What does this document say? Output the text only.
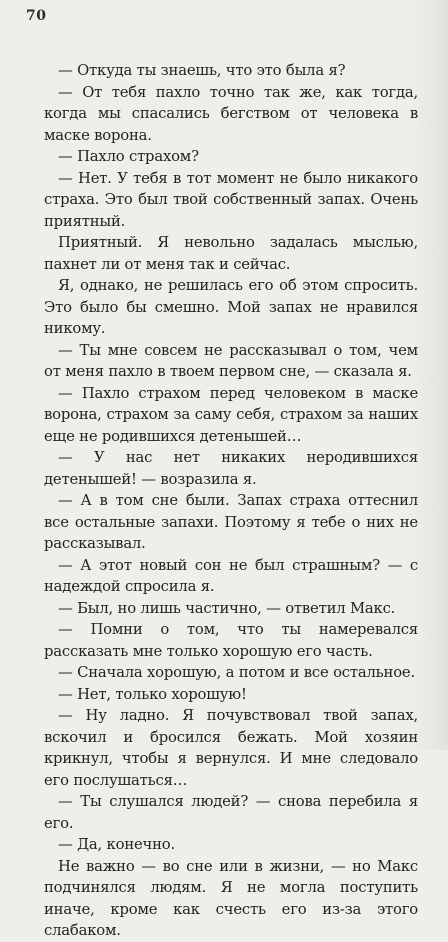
70

— Откуда ты знаешь, что это была я?

— От тебя пахло точно так же, как тогда, когда мы спасались бегством от человека в маске ворона.

— Пахло страхом?

— Нет. У тебя в тот момент не было никакого страха. Это был твой собственный запах. Очень приятный.

Приятный. Я невольно задалась мыслью, пахнет ли от меня так и сейчас.

Я, однако, не решилась его об этом спросить. Это было бы смешно. Мой запах не нравился никому.

— Ты мне совсем не рассказывал о том, чем от меня пахло в твоем первом сне, — сказала я.

— Пахло страхом перед человеком в маске ворона, страхом за саму себя, страхом за наших еще не родившихся детенышей…

— У нас нет никаких неродившихся детенышей! — возразила я.

— А в том сне были. Запах страха оттеснил все остальные запахи. Поэтому я тебе о них не рассказывал.

— А этот новый сон не был страшным? — с надеждой спросила я.

— Был, но лишь частично, — ответил Макс.

— Помни о том, что ты намеревался рассказать мне только хорошую его часть.

— Сначала хорошую, а потом и все остальное.

— Нет, только хорошую!

— Ну ладно. Я почувствовал твой запах, вскочил и бросился бежать. Мой хозяин крикнул, чтобы я вернулся. И мне следовало его послушаться…

— Ты слушался людей? — снова перебила я его.

— Да, конечно.

Не важно — во сне или в жизни, — но Макс подчинялся людям. Я не могла поступить иначе, кроме как счесть его из-за этого слабаком.
